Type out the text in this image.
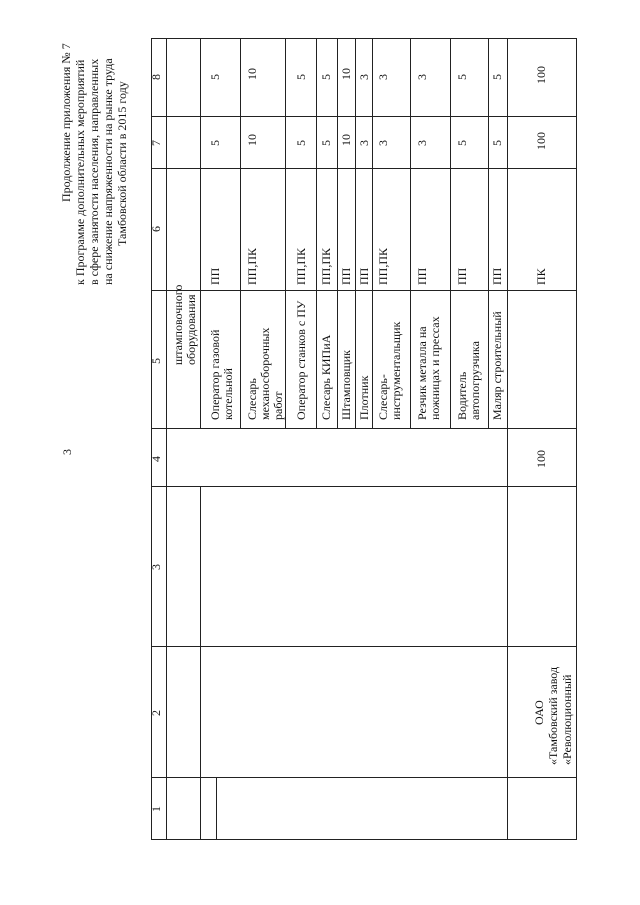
3
Продолжение приложения № 7 к Программе дополнительных мероприятий в сфере занятости населения, направленных на снижение напряженности на рынке труда Тамбовской области в 2015 году
8
7
6
5
4
3
2
1
штамповочного оборудования Оператор газовой котельной
ПП
5
5
Слесарь механосборочных работ
ПП,ПК
10
10
Оператор станков с ПУ
ПП,ПК
5
5
Слесарь КИПиА
ПП,ПК
5
5
Штамповщик
ПП
10
10
Плотник
ПП
3
3
Слесарь- инструментальщик
ПП,ПК
3
3
Резчик металла на ножницах и прессах
ПП
3
3
Водитель автопогрузчика
ПП
5
5
Маляр строительный
ПП
5
5
ПК
100
100
100
ОАО «Тамбовский завод «Революционный
